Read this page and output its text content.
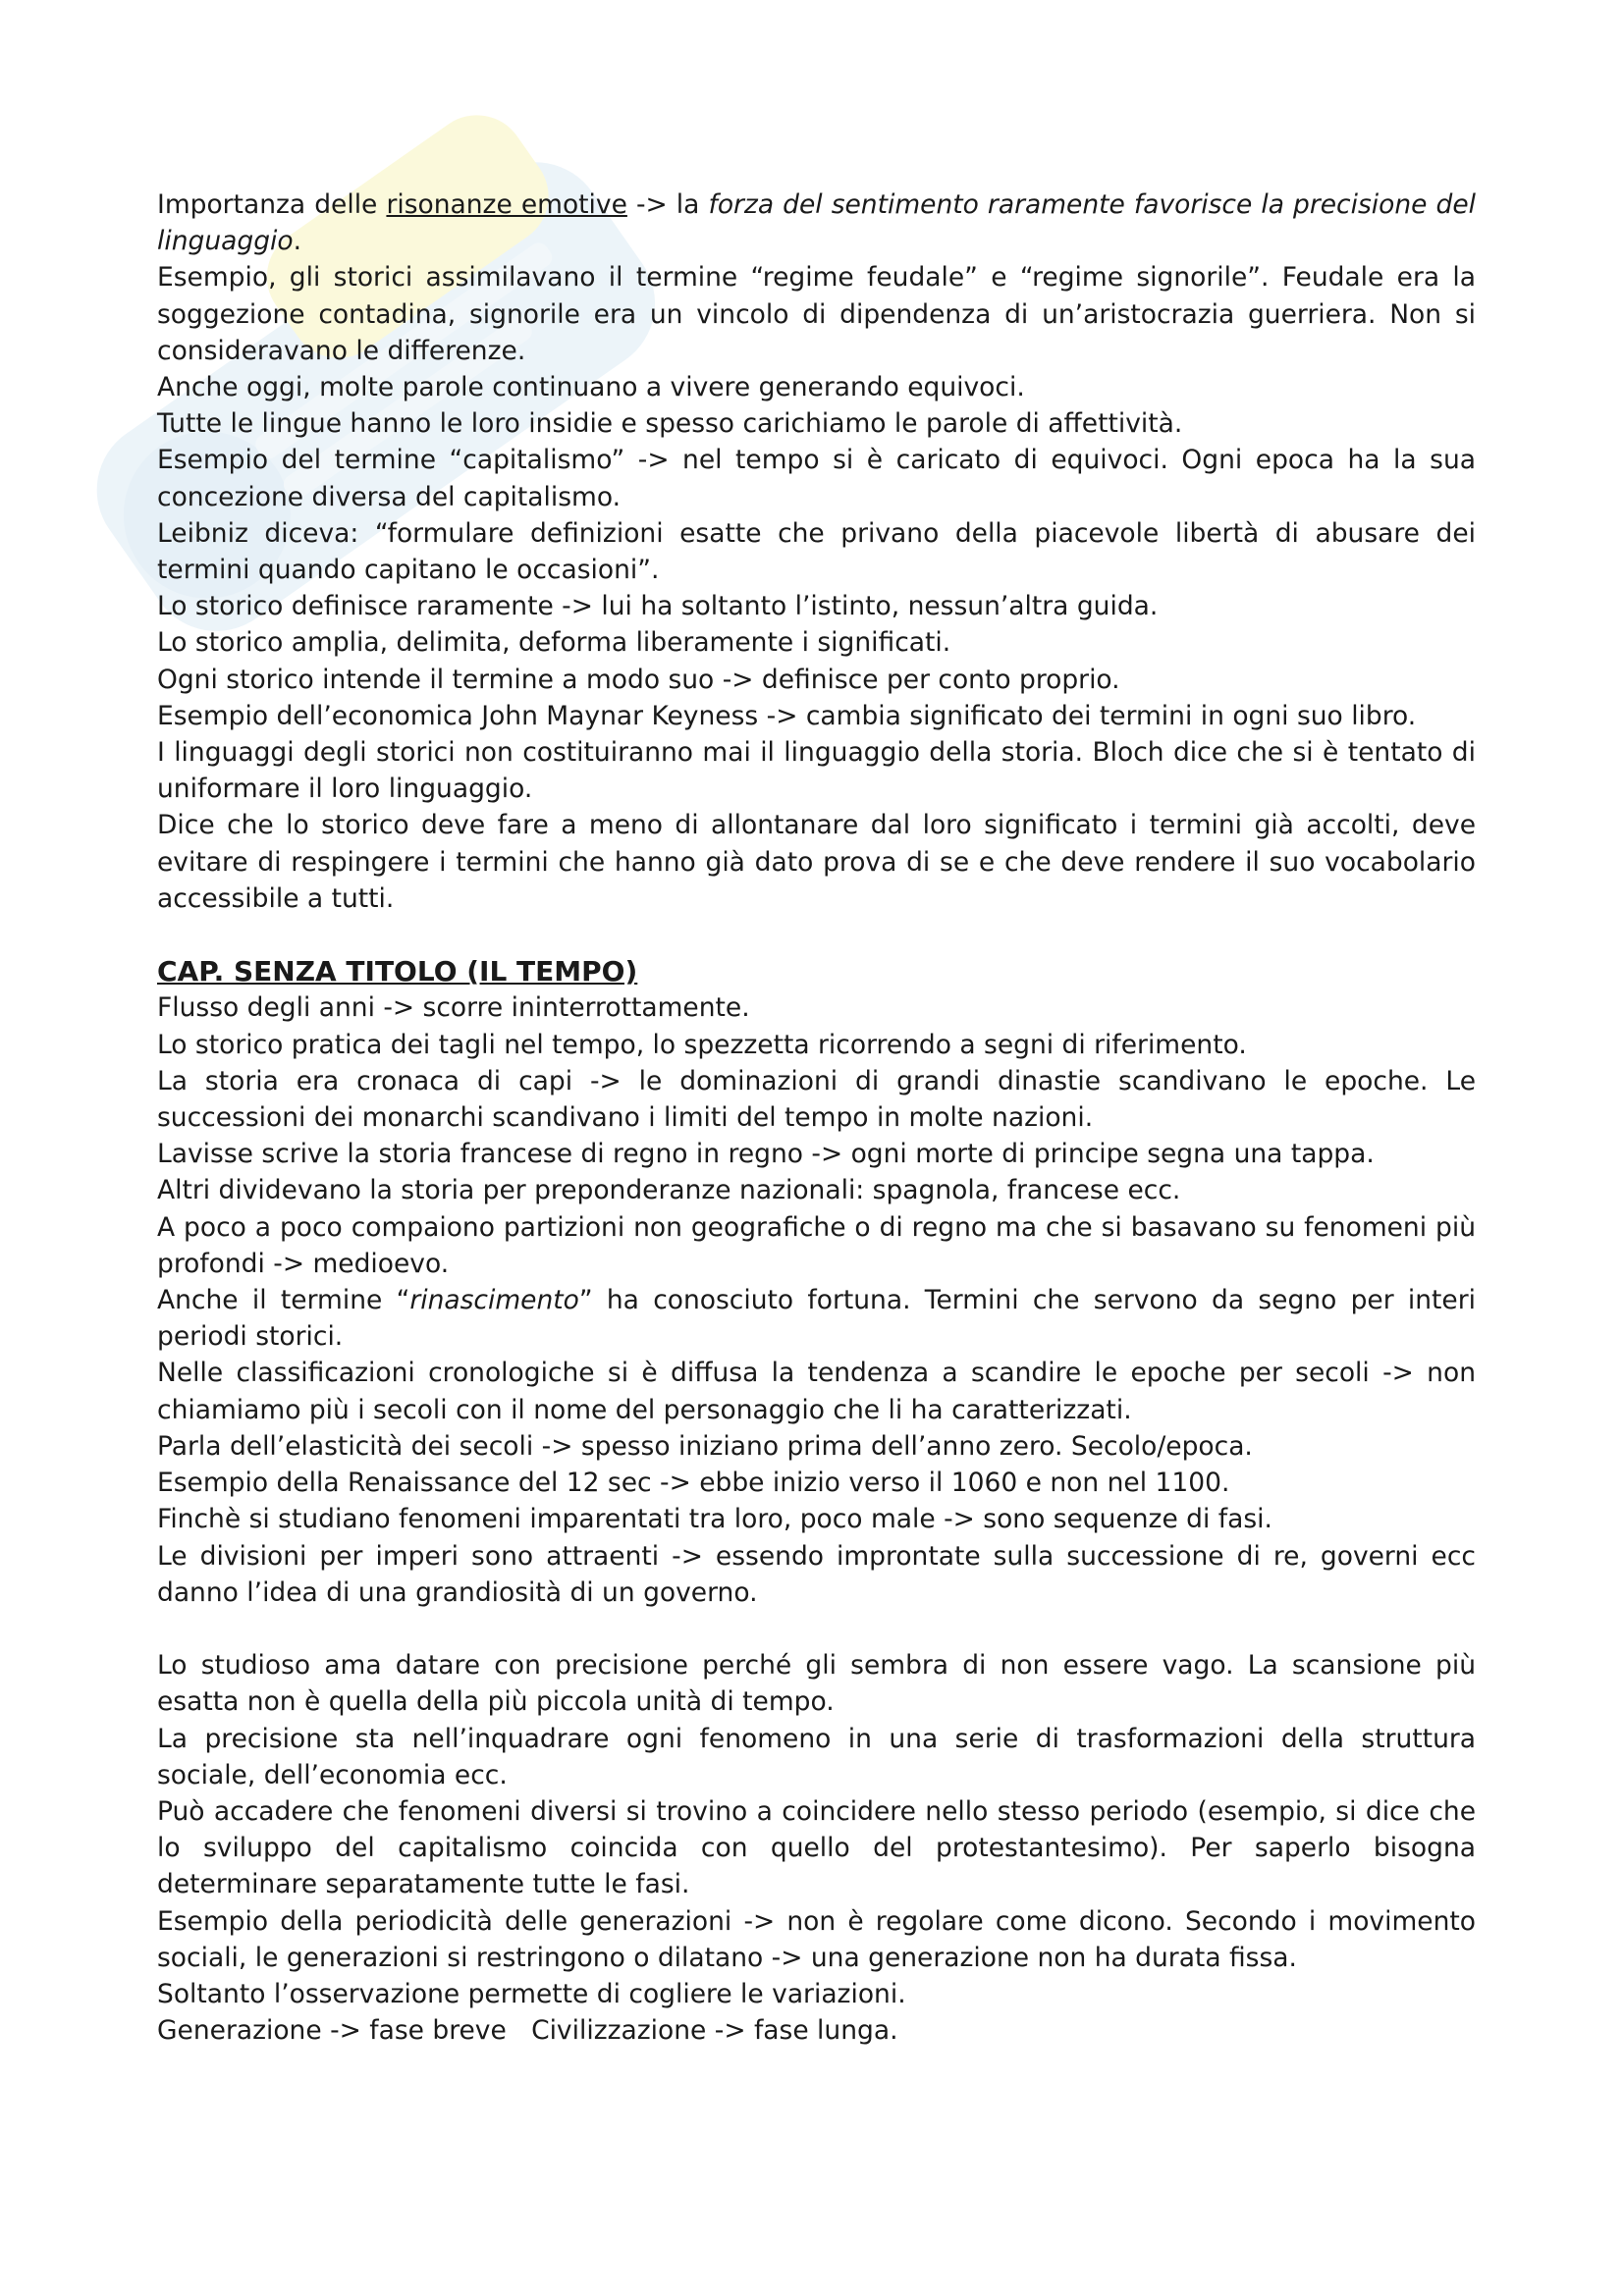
Importanza delle risonanze emotive -> la forza del sentimento raramente favorisce la precisione del linguaggio.

Esempio, gli storici assimilavano il termine “regime feudale” e “regime signorile”. Feudale era la soggezione contadina, signorile era un vincolo di dipendenza di un’aristocrazia guerriera. Non si consideravano le differenze.

Anche oggi, molte parole continuano a vivere generando equivoci.

Tutte le lingue hanno le loro insidie e spesso carichiamo le parole di affettività.

Esempio del termine “capitalismo” -> nel tempo si è caricato di equivoci. Ogni epoca ha la sua concezione diversa del capitalismo.

Leibniz diceva: “formulare definizioni esatte che privano della piacevole libertà di abusare dei termini quando capitano le occasioni”.

Lo storico definisce raramente -> lui ha soltanto l’istinto, nessun’altra guida.

Lo storico amplia, delimita, deforma liberamente i significati.

Ogni storico intende il termine a modo suo -> definisce per conto proprio.

Esempio dell’economica John Maynar Keyness -> cambia significato dei termini in ogni suo libro.

I linguaggi degli storici non costituiranno mai il linguaggio della storia. Bloch dice che si è tentato di uniformare il loro linguaggio.

Dice che lo storico deve fare a meno di allontanare dal loro significato i termini già accolti, deve evitare di respingere i termini che hanno già dato prova di se e che deve rendere il suo vocabolario accessibile a tutti.

CAP. SENZA TITOLO (IL TEMPO)

Flusso degli anni -> scorre ininterrottamente.

Lo storico pratica dei tagli nel tempo, lo spezzetta ricorrendo a segni di riferimento.

La storia era cronaca di capi -> le dominazioni di grandi dinastie scandivano le epoche. Le successioni dei monarchi scandivano i limiti del tempo in molte nazioni.

Lavisse scrive la storia francese di regno in regno -> ogni morte di principe segna una tappa.

Altri dividevano la storia per preponderanze nazionali: spagnola, francese ecc.

A poco a poco compaiono partizioni non geografiche o di regno ma che si basavano su fenomeni più profondi -> medioevo.

Anche il termine “rinascimento” ha conosciuto fortuna. Termini che servono da segno per interi periodi storici.

Nelle classificazioni cronologiche si è diffusa la tendenza a scandire le epoche per secoli -> non chiamiamo più i secoli con il nome del personaggio che li ha caratterizzati.

Parla dell’elasticità dei secoli -> spesso iniziano prima dell’anno zero. Secolo/epoca.

Esempio della Renaissance del 12 sec -> ebbe inizio verso il 1060 e non nel 1100.

Finchè si studiano fenomeni imparentati tra loro, poco male -> sono sequenze di fasi.

Le divisioni per imperi sono attraenti -> essendo improntate sulla successione di re, governi ecc danno l’idea di una grandiosità di un governo.

Lo studioso ama datare con precisione perché gli sembra di non essere vago. La scansione più esatta non è quella della più piccola unità di tempo.

La precisione sta nell’inquadrare ogni fenomeno in una serie di trasformazioni della struttura sociale, dell’economia ecc.

Può accadere che fenomeni diversi si trovino a coincidere nello stesso periodo (esempio, si dice che lo sviluppo del capitalismo coincida con quello del protestantesimo). Per saperlo bisogna determinare separatamente tutte le fasi.

Esempio della periodicità delle generazioni -> non è regolare come dicono. Secondo i movimento sociali, le generazioni si restringono o dilatano -> una generazione non ha durata fissa.

Soltanto l’osservazione permette di cogliere le variazioni.

Generazione -> fase breve   Civilizzazione -> fase lunga.
